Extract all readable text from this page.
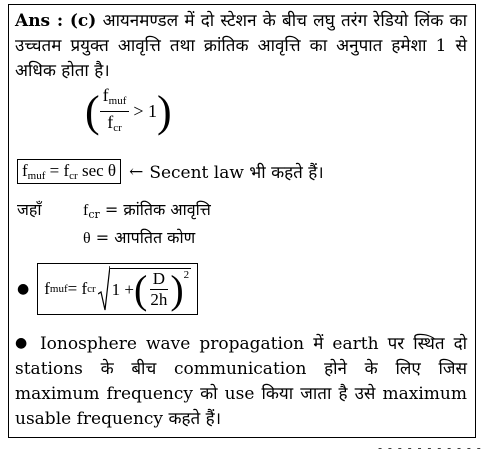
Ans : (c) आयनमण्डल में दो स्टेशन के बीच लघु तरंग रेडियो लिंक का उच्चतम प्रयुक्त आवृत्ति तथा क्रांतिक आवृत्ति का अनुपात हमेशा 1 से अधिक होता है।
( $\frac{f_{muf}}{f_{cr}} > 1$ )
$f_{muf} = f_{cr}$ sec θ ← Secent law भी कहते हैं।
जहाँ	$f_{cr}$ = क्रांतिक आवृत्ति
θ = आपतित कोण
● f muf = f cr 1 + ( $\frac{D}{2h} )^2$
● Ionosphere wave propagation में earth पर स्थित दो stations के बीच communication होने के लिए जिस maximum frequency को use किया जाता है उसे maximum usable frequency कहते हैं।
- - - - - - - - - - -
